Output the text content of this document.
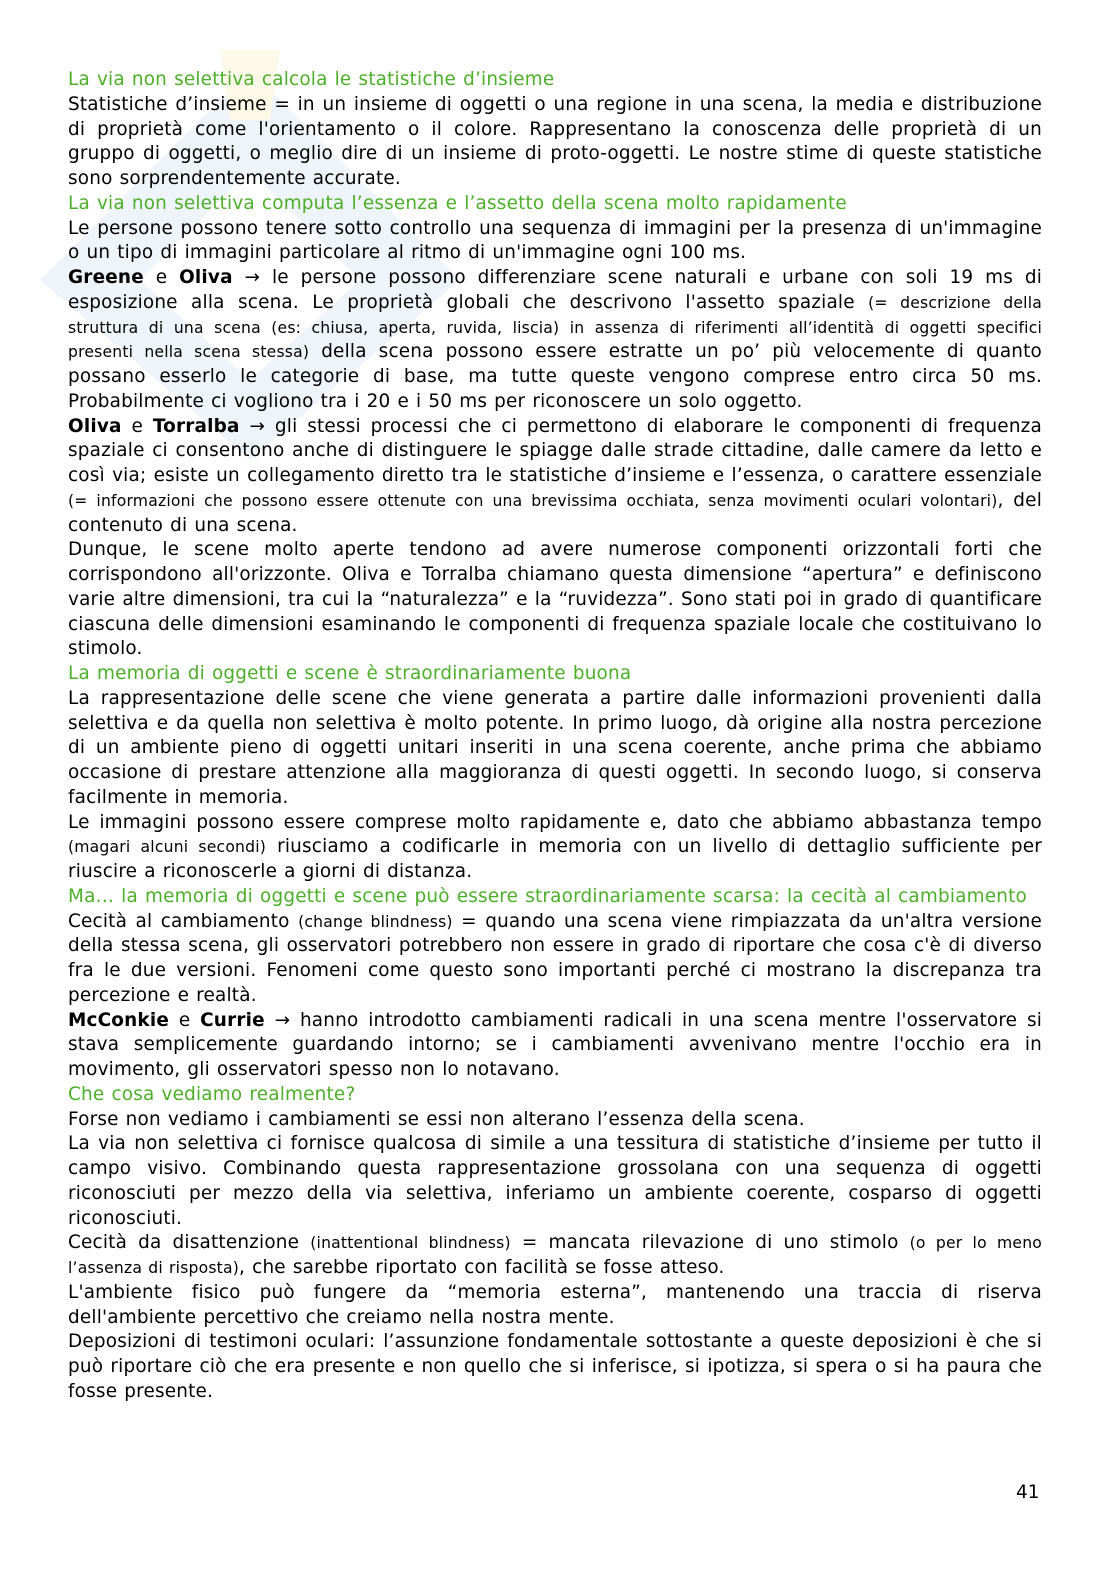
La via non selettiva calcola le statistiche d’insieme

Statistiche d’insieme = in un insieme di oggetti o una regione in una scena, la media e distribuzione di proprietà come l'orientamento o il colore. Rappresentano la conoscenza delle proprietà di un gruppo di oggetti, o meglio dire di un insieme di proto-oggetti. Le nostre stime di queste statistiche sono sorprendentemente accurate.

La via non selettiva computa l’essenza e l’assetto della scena molto rapidamente

Le persone possono tenere sotto controllo una sequenza di immagini per la presenza di un'immagine o un tipo di immagini particolare al ritmo di un'immagine ogni 100 ms.

Greene e Oliva → le persone possono differenziare scene naturali e urbane con soli 19 ms di esposizione alla scena. Le proprietà globali che descrivono l'assetto spaziale (= descrizione della struttura di una scena (es: chiusa, aperta, ruvida, liscia) in assenza di riferimenti all’identità di oggetti specifici presenti nella scena stessa) della scena possono essere estratte un po’ più velocemente di quanto possano esserlo le categorie di base, ma tutte queste vengono comprese entro circa 50 ms. Probabilmente ci vogliono tra i 20 e i 50 ms per riconoscere un solo oggetto.

Oliva e Torralba → gli stessi processi che ci permettono di elaborare le componenti di frequenza spaziale ci consentono anche di distinguere le spiagge dalle strade cittadine, dalle camere da letto e così via; esiste un collegamento diretto tra le statistiche d’insieme e l’essenza, o carattere essenziale (= informazioni che possono essere ottenute con una brevissima occhiata, senza movimenti oculari volontari), del contenuto di una scena.

Dunque, le scene molto aperte tendono ad avere numerose componenti orizzontali forti che corrispondono all'orizzonte. Oliva e Torralba chiamano questa dimensione “apertura” e definiscono varie altre dimensioni, tra cui la “naturalezza” e la “ruvidezza”. Sono stati poi in grado di quantificare ciascuna delle dimensioni esaminando le componenti di frequenza spaziale locale che costituivano lo stimolo.

La memoria di oggetti e scene è straordinariamente buona

La rappresentazione delle scene che viene generata a partire dalle informazioni provenienti dalla selettiva e da quella non selettiva è molto potente. In primo luogo, dà origine alla nostra percezione di un ambiente pieno di oggetti unitari inseriti in una scena coerente, anche prima che abbiamo occasione di prestare attenzione alla maggioranza di questi oggetti. In secondo luogo, si conserva facilmente in memoria.

Le immagini possono essere comprese molto rapidamente e, dato che abbiamo abbastanza tempo (magari alcuni secondi) riusciamo a codificarle in memoria con un livello di dettaglio sufficiente per riuscire a riconoscerle a giorni di distanza.

Ma… la memoria di oggetti e scene può essere straordinariamente scarsa: la cecità al cambiamento

Cecità al cambiamento (change blindness) = quando una scena viene rimpiazzata da un'altra versione della stessa scena, gli osservatori potrebbero non essere in grado di riportare che cosa c'è di diverso fra le due versioni. Fenomeni come questo sono importanti perché ci mostrano la discrepanza tra percezione e realtà.

McConkie e Currie → hanno introdotto cambiamenti radicali in una scena mentre l'osservatore si stava semplicemente guardando intorno; se i cambiamenti avvenivano mentre l'occhio era in movimento, gli osservatori spesso non lo notavano.

Che cosa vediamo realmente?

Forse non vediamo i cambiamenti se essi non alterano l’essenza della scena.

La via non selettiva ci fornisce qualcosa di simile a una tessitura di statistiche d’insieme per tutto il campo visivo. Combinando questa rappresentazione grossolana con una sequenza di oggetti riconosciuti per mezzo della via selettiva, inferiamo un ambiente coerente, cosparso di oggetti riconosciuti.

Cecità da disattenzione (inattentional blindness) = mancata rilevazione di uno stimolo (o per lo meno l’assenza di risposta), che sarebbe riportato con facilità se fosse atteso.

L'ambiente fisico può fungere da “memoria esterna”, mantenendo una traccia di riserva dell'ambiente percettivo che creiamo nella nostra mente.

Deposizioni di testimoni oculari: l’assunzione fondamentale sottostante a queste deposizioni è che si può riportare ciò che era presente e non quello che si inferisce, si ipotizza, si spera o si ha paura che fosse presente.

41
